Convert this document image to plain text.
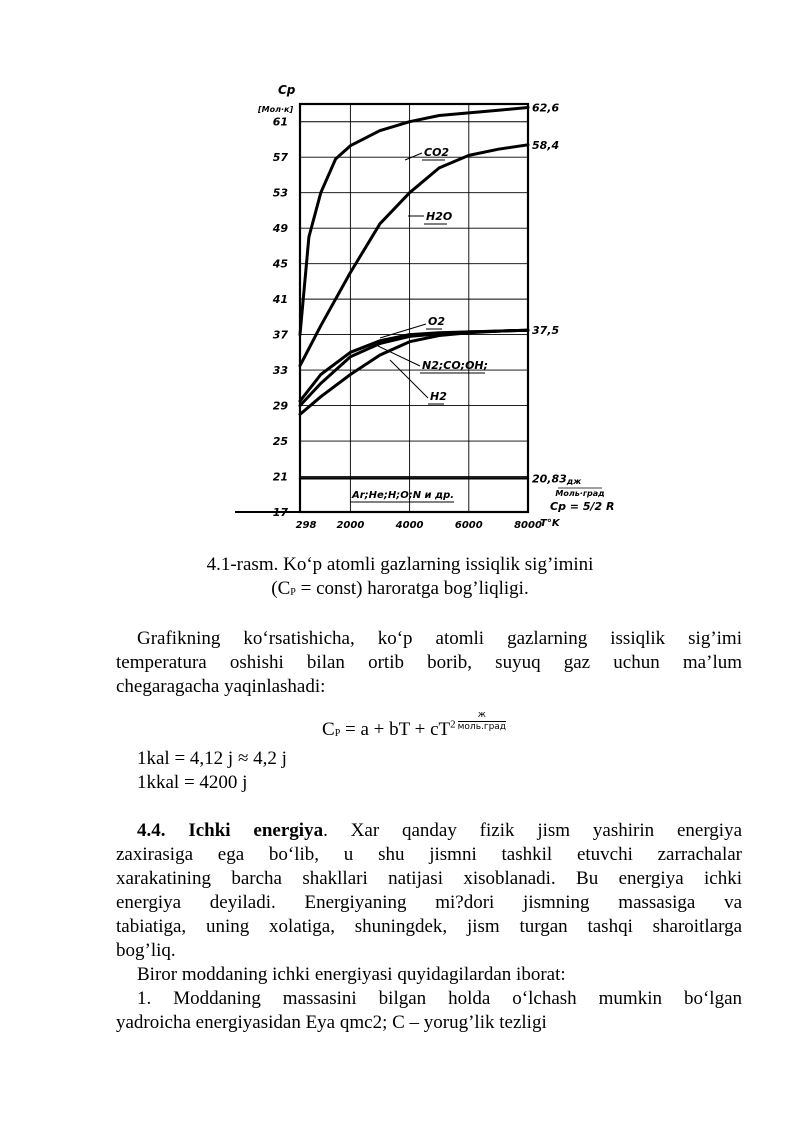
17
21
25
29
33
37
41
45
49
53
57
61
298 2000	4000	6000	8000
Cp
[Мол·к]
T°K
CO2
62,6
H2O
58,4
O2
37,5
N2;CO;OH;
H2
Ar;He;H;O;N и др.
20,83 дж
Моль·град
Cp = 5/2 R
4.1-rasm. Ko‘p atomli gazlarning issiqlik sig’imini
($C_P$ = const) haroratga bog’liqligi.
Grafikning ko‘rsatishicha, ko‘p atomli gazlarning issiqlik sig’imi
temperatura oshishi bilan ortib borib, suyuq gaz uchun ma’lum
chegaragacha yaqinlashadi:
$C_P = a$ + bT + $cT^2 \frac{ж}{\text{моль.град}}$
1kal = 4,12 j ≈ 4,2 j
1kkal = 4200 j
4.4. Ichki energiya. Xar qanday fizik jism yashirin energiya
zaxirasiga ega bo‘lib, u shu jismni tashkil etuvchi zarrachalar
xarakatining barcha shakllari natijasi xisoblanadi. Bu energiya ichki
energiya deyiladi. Energiyaning mi?dori jismning massasiga va
tabiatiga, uning xolatiga, shuningdek, jism turgan tashqi sharoitlarga
bog’liq.
Biror moddaning ichki energiyasi quyidagilardan iborat:
1. Moddaning massasini bilgan holda o‘lchash mumkin bo‘lgan
yadroicha energiyasidan Eya qmc2; C – yorug’lik tezligi
